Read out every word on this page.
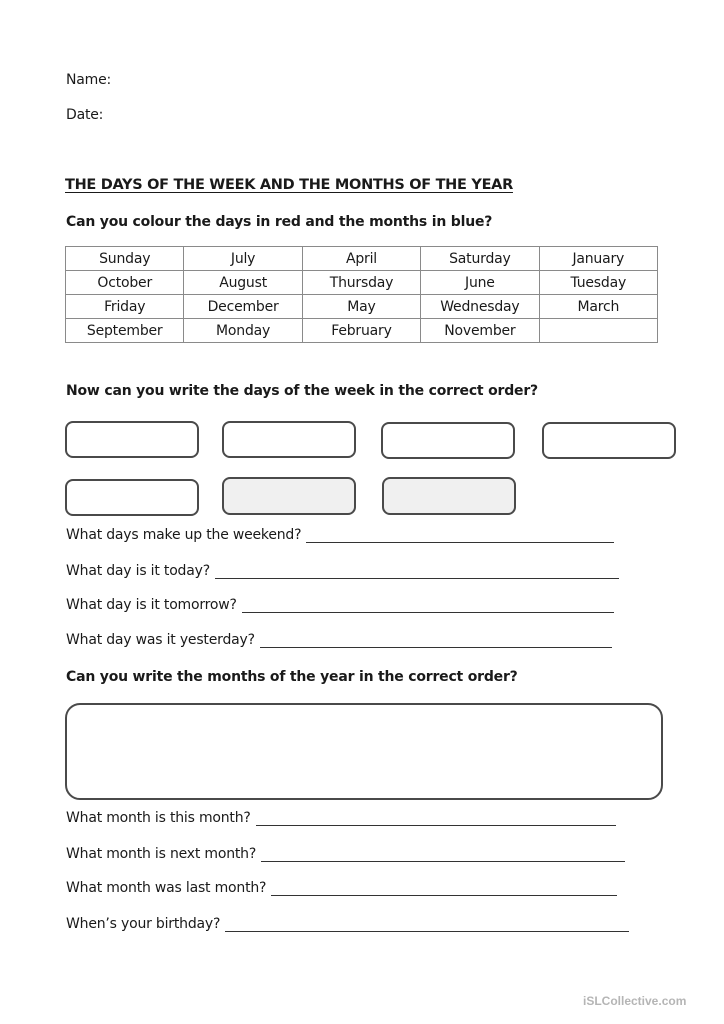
Name:
Date:
THE DAYS OF THE WEEK AND THE MONTHS OF THE YEAR
Can you colour the days in red and the months in blue?
Sunday	July	April	Saturday	January
October	August	Thursday	June	Tuesday
Friday	December	May	Wednesday	March
September	Monday	February	November	
Now can you write the days of the week in the correct order?
What days make up the weekend?
What day is it today?
What day is it tomorrow?
What day was it yesterday?
Can you write the months of the year in the correct order?
What month is this month?
What month is next month?
What month was last month?
When’s your birthday?
iSLCollective.com
